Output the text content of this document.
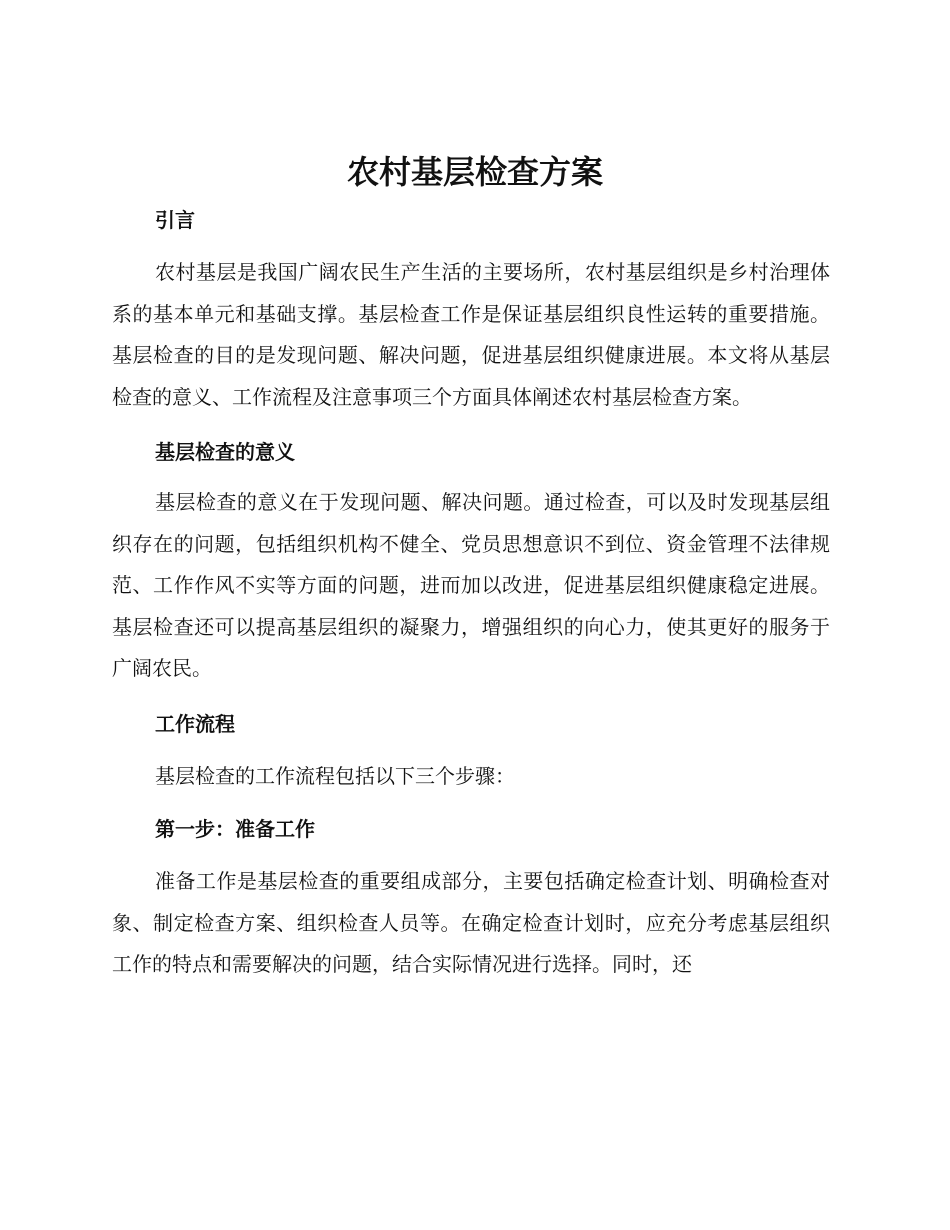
农村基层检查方案
引言

农村基层是我国广阔农民生产生活的主要场所，农村基层组织是乡村治理体系的基本单元和基础支撑。基层检查工作是保证基层组织良性运转的重要措施。基层检查的目的是发现问题、解决问题，促进基层组织健康进展。本文将从基层检查的意义、工作流程及注意事项三个方面具体阐述农村基层检查方案。

基层检查的意义

基层检查的意义在于发现问题、解决问题。通过检查，可以及时发现基层组织存在的问题，包括组织机构不健全、党员思想意识不到位、资金管理不法律规范、工作作风不实等方面的问题，进而加以改进，促进基层组织健康稳定进展。基层检查还可以提高基层组织的凝聚力，增强组织的向心力，使其更好的服务于广阔农民。

工作流程

基层检查的工作流程包括以下三个步骤：

第一步：准备工作

准备工作是基层检查的重要组成部分，主要包括确定检查计划、明确检查对象、制定检查方案、组织检查人员等。在确定检查计划时，应充分考虑基层组织工作的特点和需要解决的问题，结合实际情况进行选择。同时，还
